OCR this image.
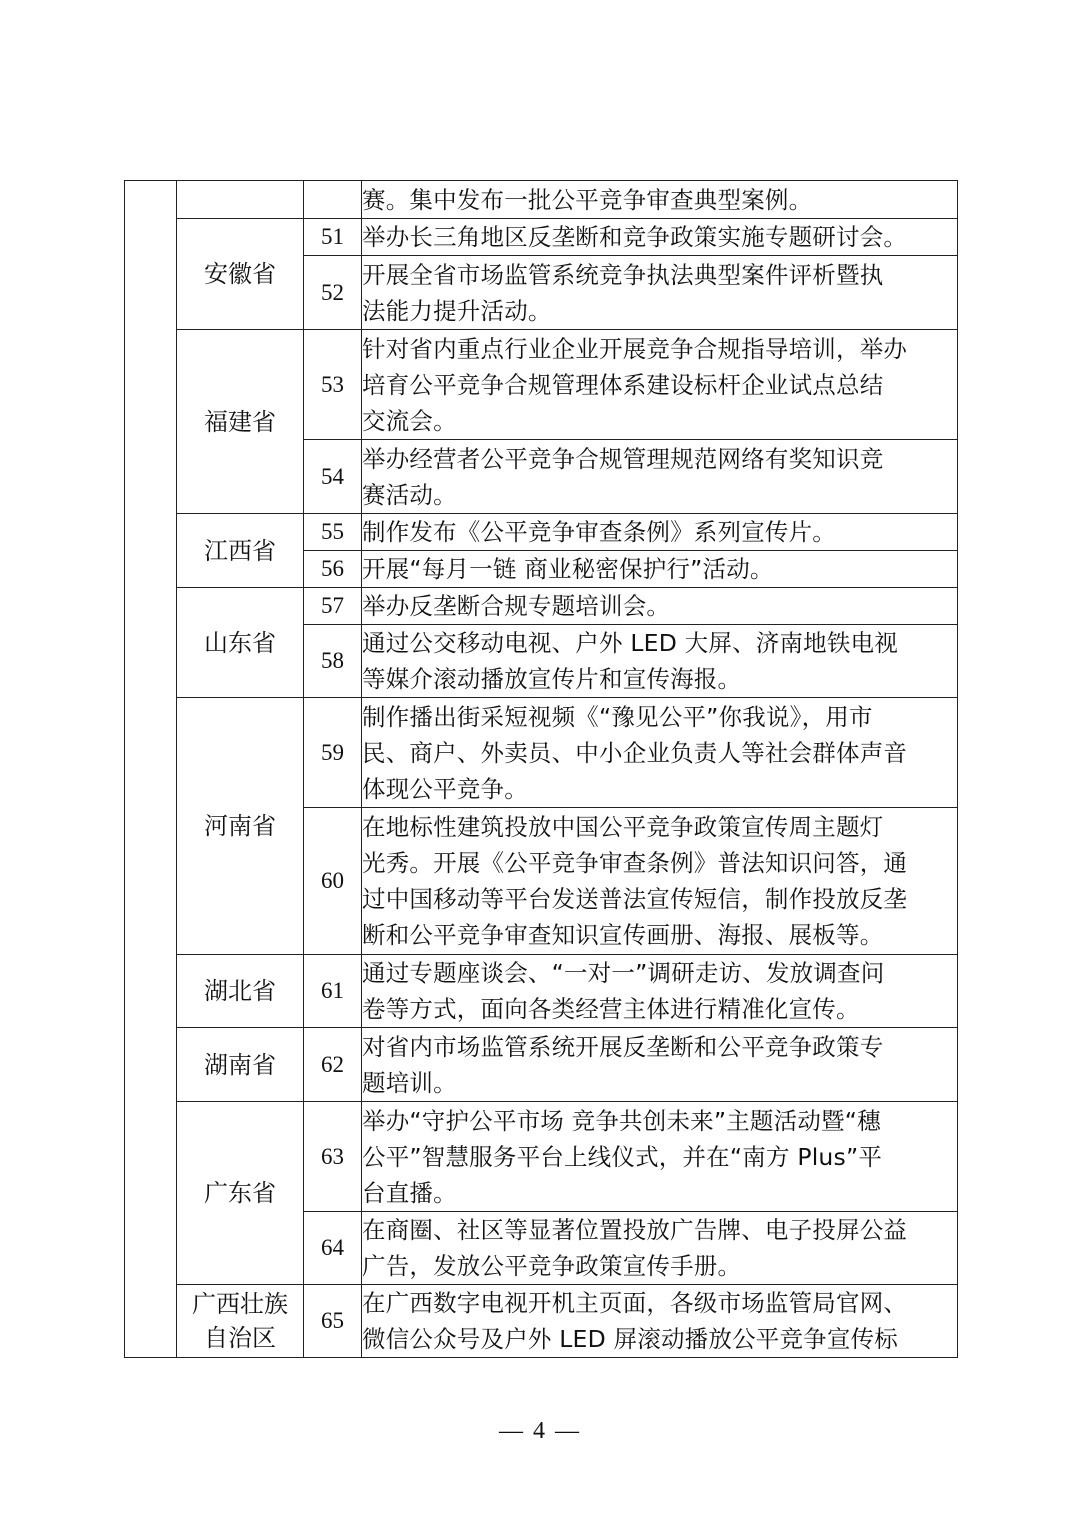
			赛。集中发布一批公平竞争审查典型案例。

	安徽省	51	举办长三角地区反垄断和竞争政策实施专题研讨会。

		52	开展全省市场监管系统竞争执法典型案件评析暨执
法能力提升活动。

	福建省	53	针对省内重点行业企业开展竞争合规指导培训，举办
培育公平竞争合规管理体系建设标杆企业试点总结
交流会。

		54	举办经营者公平竞争合规管理规范网络有奖知识竞
赛活动。

	江西省	55	制作发布《公平竞争审查条例》系列宣传片。

		56	开展“每月一链 商业秘密保护行”活动。

	山东省	57	举办反垄断合规专题培训会。

		58	通过公交移动电视、户外 LED 大屏、济南地铁电视
等媒介滚动播放宣传片和宣传海报。

	河南省	59	制作播出街采短视频《“豫见公平”你我说》，用市
民、商户、外卖员、中小企业负责人等社会群体声音
体现公平竞争。

		60	在地标性建筑投放中国公平竞争政策宣传周主题灯
光秀。开展《公平竞争审查条例》普法知识问答，通
过中国移动等平台发送普法宣传短信，制作投放反垄
断和公平竞争审查知识宣传画册、海报、展板等。

	湖北省	61	通过专题座谈会、“一对一”调研走访、发放调查问
卷等方式，面向各类经营主体进行精准化宣传。

	湖南省	62	对省内市场监管系统开展反垄断和公平竞争政策专
题培训。

	广东省	63	举办“守护公平市场 竞争共创未来”主题活动暨“穗
公平”智慧服务平台上线仪式，并在“南方 Plus”平
台直播。

		64	在商圈、社区等显著位置投放广告牌、电子投屏公益
广告，发放公平竞争政策宣传手册。

	广西壮族
自治区	65	在广西数字电视开机主页面，各级市场监管局官网、
微信公众号及户外 LED 屏滚动播放公平竞争宣传标
— 4 —
